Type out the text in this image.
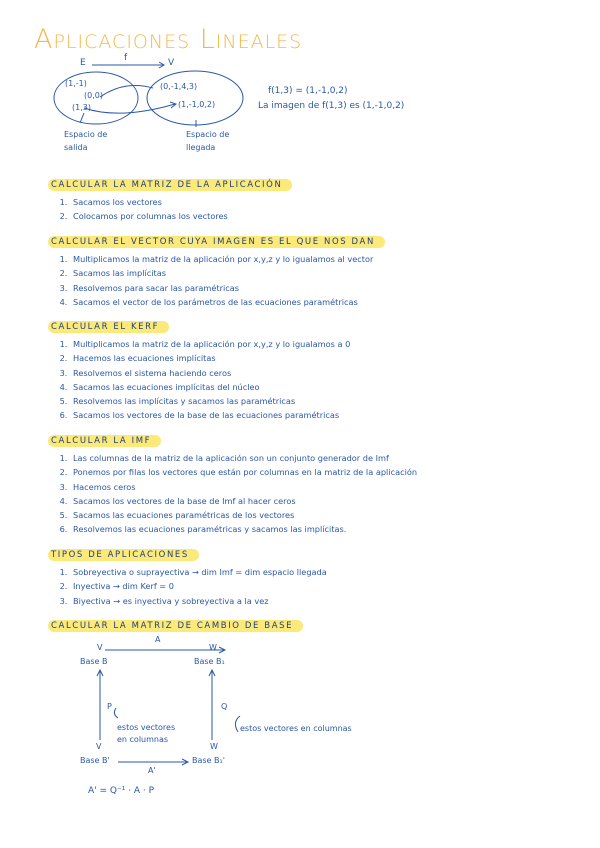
Aplicaciones Lineales
E	f	V
(1,-1)
(0,0)
(1,3)
(0,-1,4,3)
(1,-1,0,2)
Espacio de salida
Espacio de llegada
f(1,3) = (1,-1,0,2)
La imagen de f(1,3) es (1,-1,0,2)
CALCULAR LA MATRIZ DE LA APLICACIÓN
1. Sacamos los vectores
2. Colocamos por columnas los vectores
CALCULAR EL VECTOR CUYA IMAGEN ES EL QUE NOS DAN
1. Multiplicamos la matriz de la aplicación por x,y,z y lo igualamos al vector
2. Sacamos las implícitas
3. Resolvemos para sacar las paramétricas
4. Sacamos el vector de los parámetros de las ecuaciones paramétricas
CALCULAR EL KERF
1. Multiplicamos la matriz de la aplicación por x,y,z y lo igualamos a 0
2. Hacemos las ecuaciones implícitas
3. Resolvemos el sistema haciendo ceros
4. Sacamos las ecuaciones implícitas del núcleo
5. Resolvemos las implícitas y sacamos las paramétricas
6. Sacamos los vectores de la base de las ecuaciones paramétricas
CALCULAR LA IMF
1. Las columnas de la matriz de la aplicación son un conjunto generador de Imf
2. Ponemos por filas los vectores que están por columnas en la matriz de la aplicación
3. Hacemos ceros
4. Sacamos los vectores de la base de Imf al hacer ceros
5. Sacamos las ecuaciones paramétricas de los vectores
6. Resolvemos las ecuaciones paramétricas y sacamos las implícitas.
TIPOS DE APLICACIONES
1. Sobreyectiva o suprayectiva → dim Imf = dim espacio llegada
2. Inyectiva → dim Kerf = 0
3. Biyectiva → es inyectiva y sobreyectiva a la vez
CALCULAR LA MATRIZ DE CAMBIO DE BASE
A
V
Base B
W
Base B₁
P	Q
estos vectores en columnas
estos vectores en columnas
V	W
Base B'	Base B₁'
A'
A' = Q⁻¹ · A · P
